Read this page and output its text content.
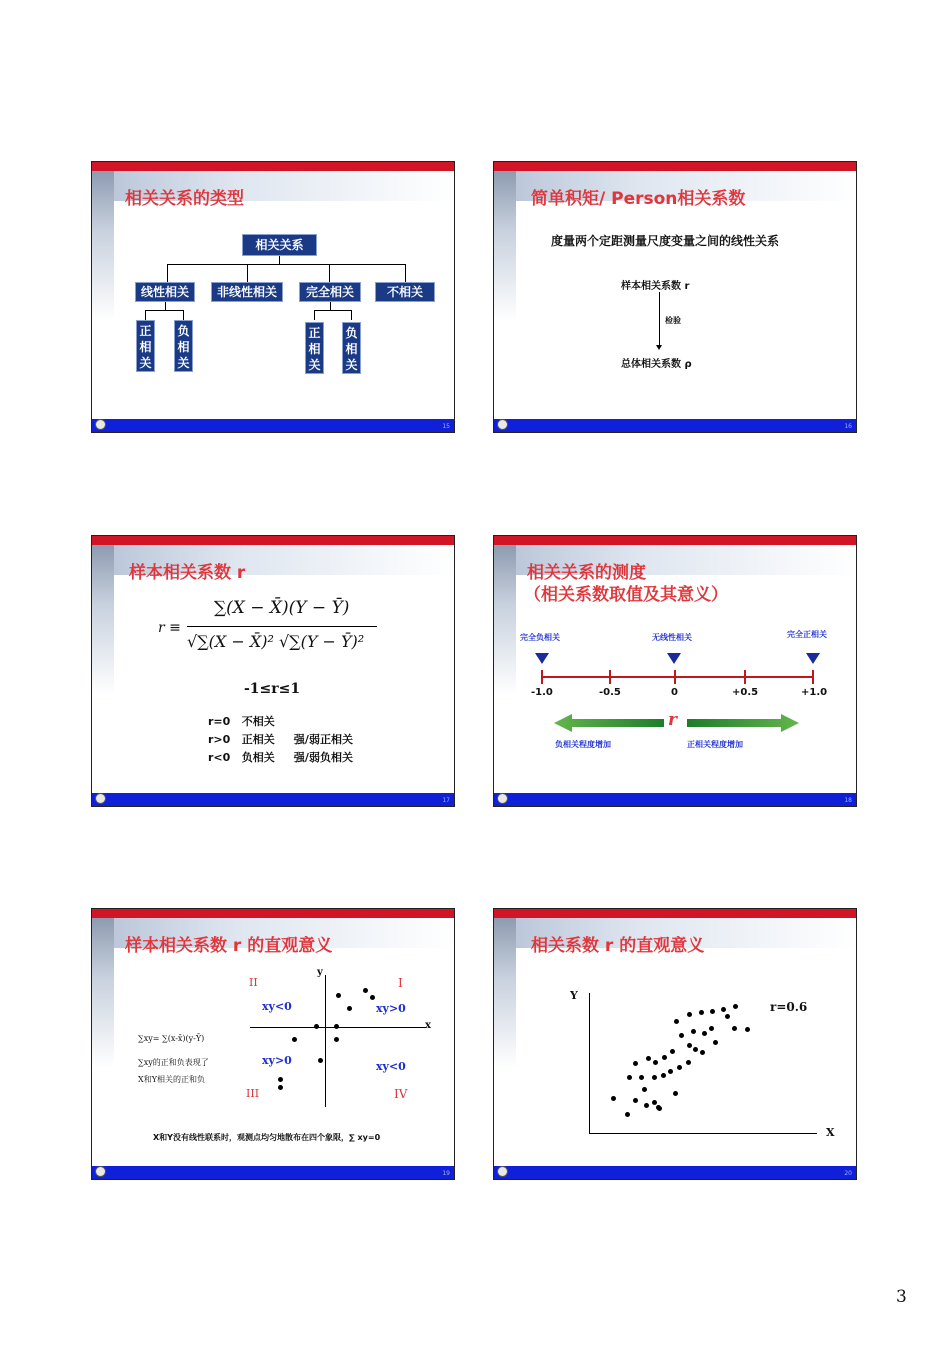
相关关系的类型
相关关系
线性相关	非线性相关	完全相关	不相关
正
相
关
负
相
关
正
相
关
负
相
关
15
简单积矩/ Person相关系数
度量两个定距测量尺度变量之间的线性关系
样本相关系数 r
检验
总体相关系数 ρ
16
样本相关系数 r
r ≡
∑(X − X̄)(Y − Ȳ)
√∑(X − X̄)² √∑(Y − Ȳ)²
-1≤r≤1
r=0   不相关
r>0   正相关     强/弱正相关
r<0   负相关     强/弱负相关
17
相关关系的测度
（相关系数取值及其意义）
完全负相关	无线性相关	完全正相关
-1.0	-0.5	0	+0.5	+1.0
r
负相关程度增加	正相关程度增加
18
样本相关系数 r 的直观意义
x
y
II	I
III	IV
xy<0	xy>0
xy>0	xy<0
∑xy= ∑(x-x̄)(y-Ȳ)
∑xy的正和负表现了
X和Y相关的正和负
X和Y没有线性联系时，观测点均匀地散布在四个象限，∑ xy=0
19
相关系数 r 的直观意义
Y
X
r=0.6
20
3
